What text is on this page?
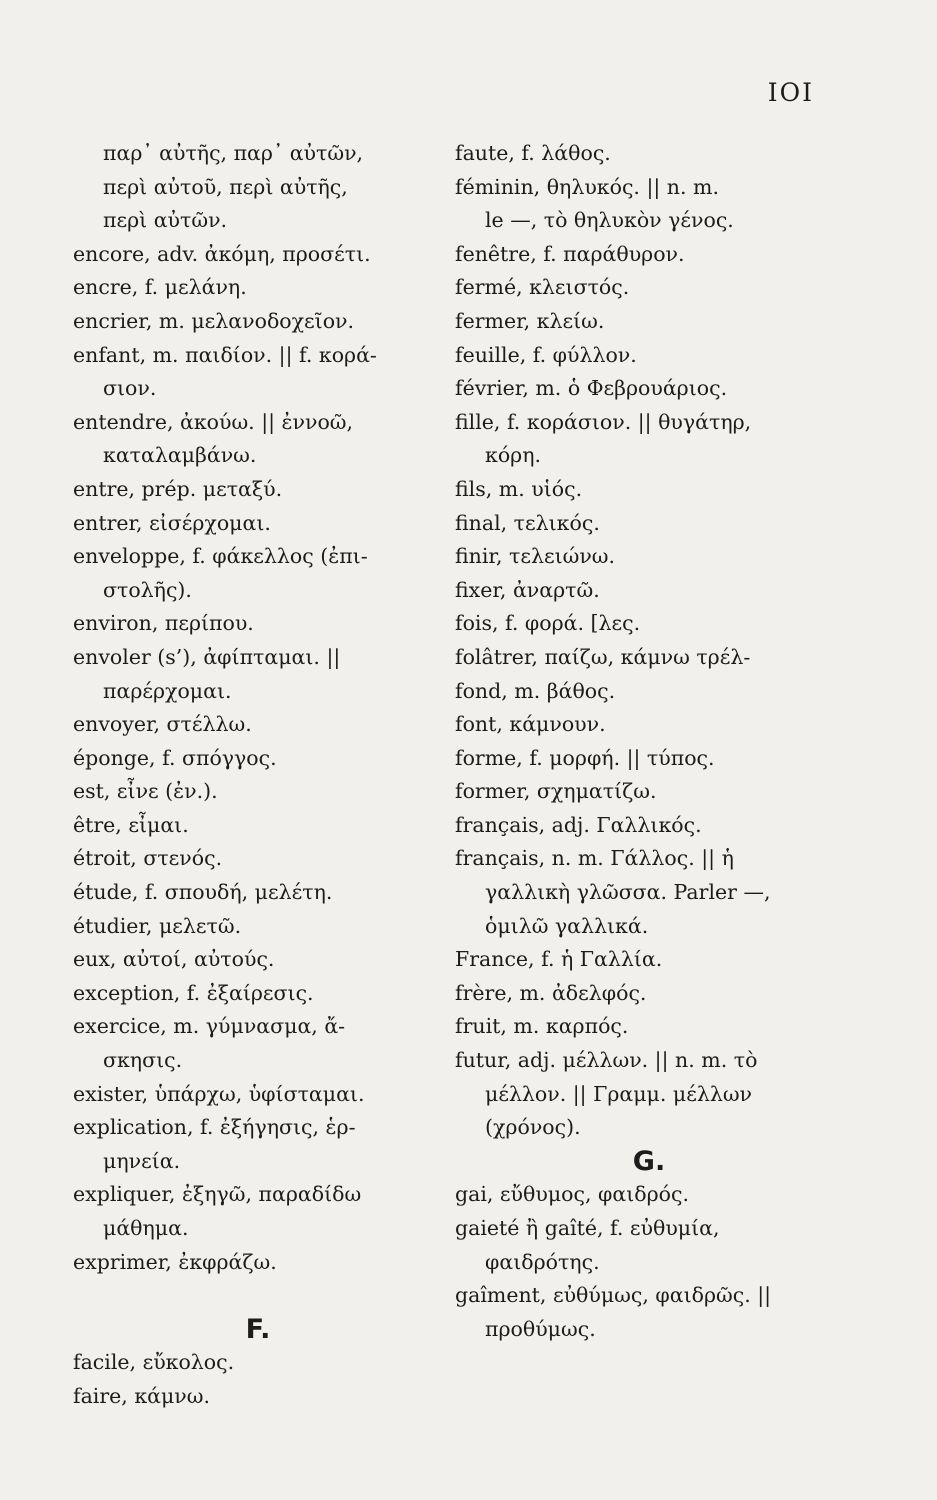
IOI
παρ᾽ αὐτῆς, παρ᾽ αὐτῶν,
περὶ αὐτοῦ, περὶ αὐτῆς,
περὶ αὐτῶν.
encore, adv. ἀκόμη, προσέτι.
encre, f. μελάνη.
encrier, m. μελανοδοχεῖον.
enfant, m. παιδίον. || f. κορά-
σιον.
entendre, ἀκούω. || ἐννοῶ,
καταλαμβάνω.
entre, prép. μεταξύ.
entrer, εἰσέρχομαι.
enveloppe, f. φάκελλος (ἐπι-
στολῆς).
environ, περίπου.
envoler (s’), ἀφίπταμαι. ||
παρέρχομαι.
envoyer, στέλλω.
éponge, f. σπόγγος.
est, εἶνε (ἐν.).
être, εἶμαι.
étroit, στενός.
étude, f. σπουδή, μελέτη.
étudier, μελετῶ.
eux, αὐτοί, αὐτούς.
exception, f. ἐξαίρεσις.
exercice, m. γύμνασμα, ἄ-
σκησις.
exister, ὑπάρχω, ὑφίσταμαι.
explication, f. ἐξήγησις, ἑρ-
μηνεία.
expliquer, ἐξηγῶ, παραδίδω
μάθημα.
exprimer, ἐκφράζω.
F.
facile, εὔκολος.
faire, κάμνω.
faute, f. λάθος.
féminin, θηλυκός. || n. m.
le —, τὸ θηλυκὸν γένος.
fenêtre, f. παράθυρον.
fermé, κλειστός.
fermer, κλείω.
feuille, f. φύλλον.
février, m. ὁ Φεβρουάριος.
fille, f. κοράσιον. || θυγάτηρ,
κόρη.
fils, m. υἱός.
final, τελικός.
finir, τελειώνω.
fixer, ἀναρτῶ.
fois, f. φορά. [λες.
folâtrer, παίζω, κάμνω τρέλ-
fond, m. βάθος.
font, κάμνουν.
forme, f. μορφή. || τύπος.
former, σχηματίζω.
français, adj. Γαλλικός.
français, n. m. Γάλλος. || ἡ
γαλλικὴ γλῶσσα. Parler —,
ὁμιλῶ γαλλικά.
France, f. ἡ Γαλλία.
frère, m. ἀδελφός.
fruit, m. καρπός.
futur, adj. μέλλων. || n. m. τὸ
μέλλον. || Γραμμ. μέλλων
(χρόνος).
G.
gai, εὔθυμος, φαιδρός.
gaieté ἢ gaîté, f. εὐθυμία,
φαιδρότης.
gaîment, εὐθύμως, φαιδρῶς. ||
προθύμως.
